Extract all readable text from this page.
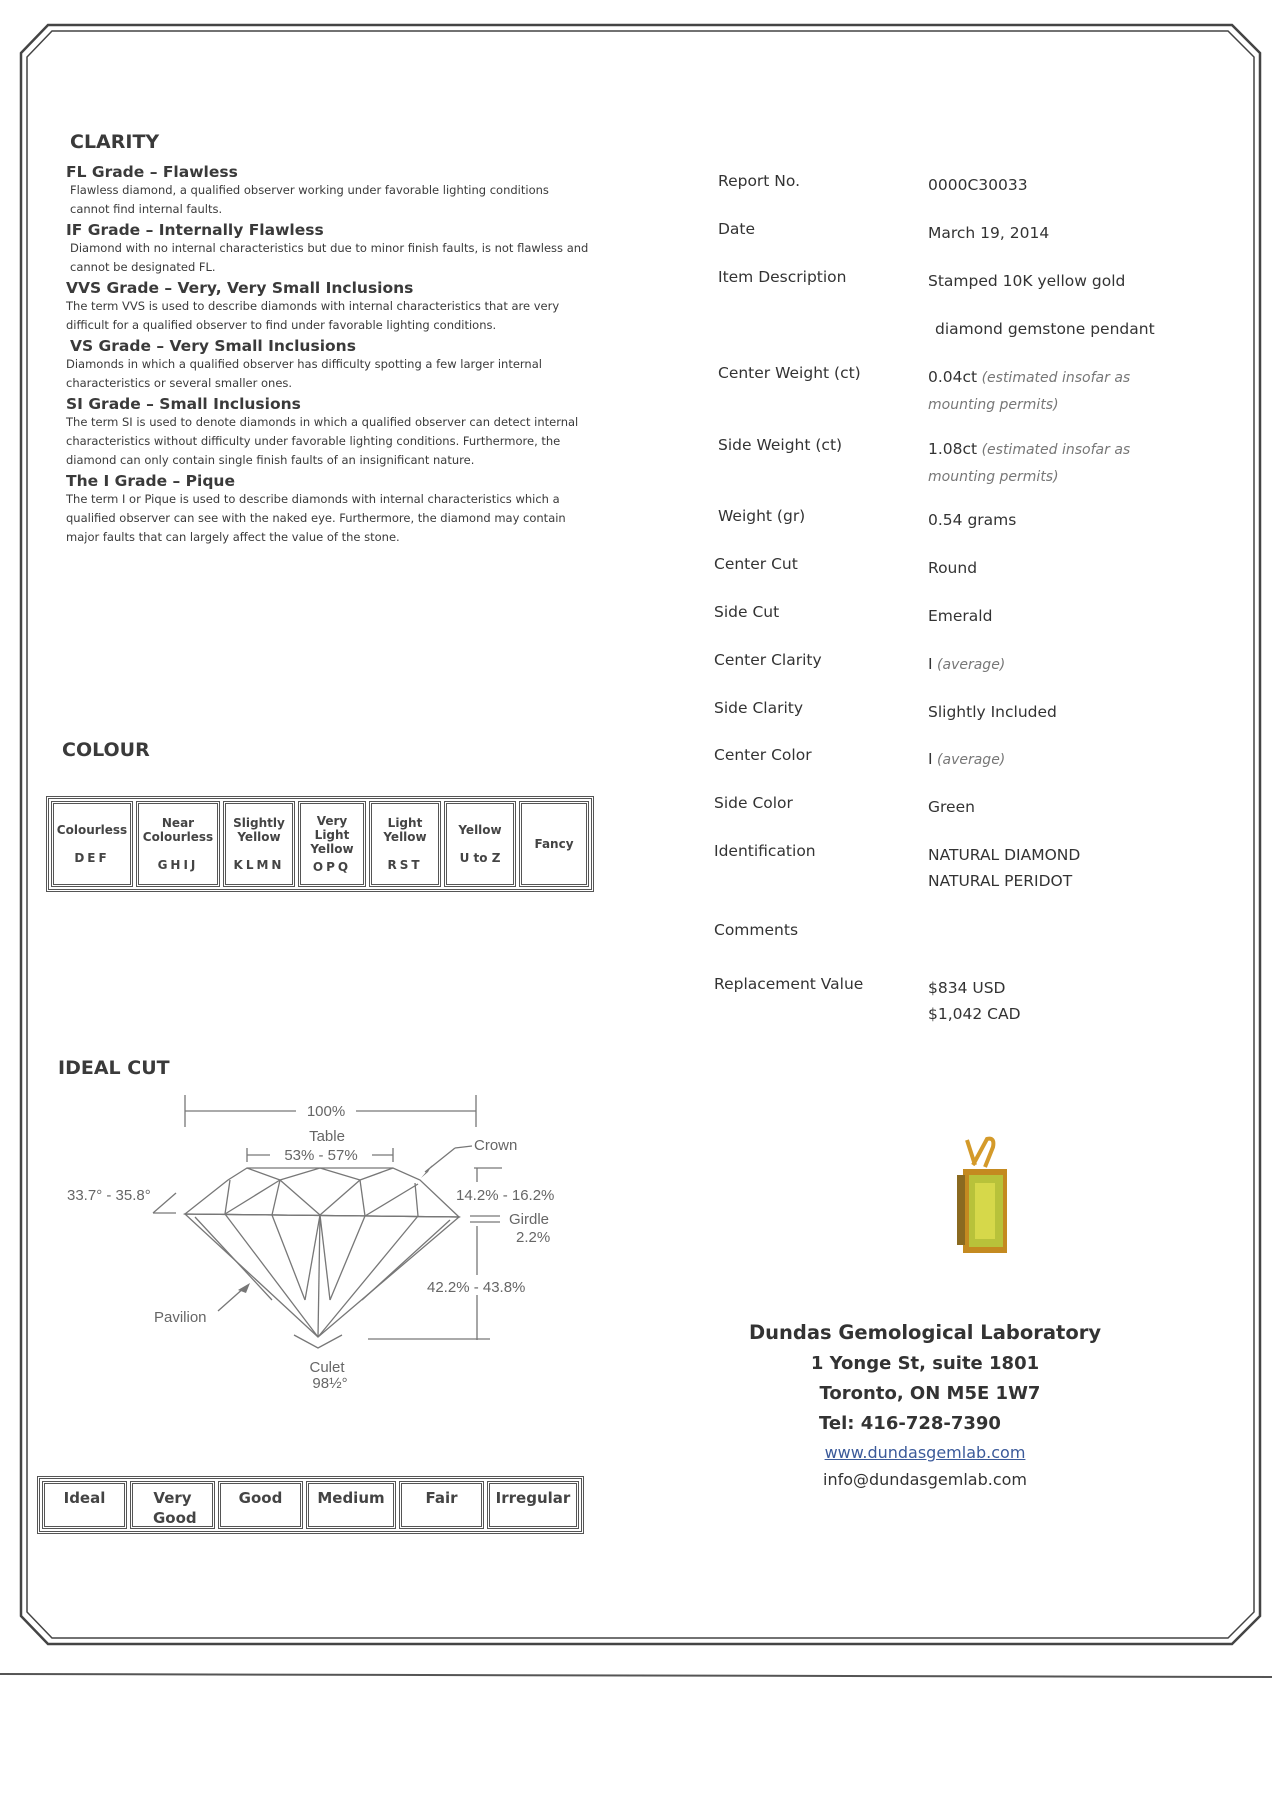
CLARITY
FL Grade – Flawless
Flawless diamond, a qualified observer working under favorable lighting conditions cannot find internal faults.
IF Grade – Internally Flawless
Diamond with no internal characteristics but due to minor finish faults, is not flawless and cannot be designated FL.
VVS Grade – Very, Very Small Inclusions
The term VVS is used to describe diamonds with internal characteristics that are very difficult for a qualified observer to find under favorable lighting conditions.
VS Grade – Very Small Inclusions
Diamonds in which a qualified observer has difficulty spotting a few larger internal characteristics or several smaller ones.
SI Grade – Small Inclusions
The term SI is used to denote diamonds in which a qualified observer can detect internal characteristics without difficulty under favorable lighting conditions. Furthermore, the diamond can only contain single finish faults of an insignificant nature.
The I Grade – Pique
The term I or Pique is used to describe diamonds with internal characteristics which a qualified observer can see with the naked eye. Furthermore, the diamond may contain major faults that can largely affect the value of the stone.
COLOUR
Colourless
DEF
Near Colourless
GHIJ
Slightly Yellow
KLMN
Very Light Yellow
OPQ
Light Yellow
RST
Yellow
U to Z
Fancy
IDEAL CUT
100%
Table
53% - 57%
Crown
33.7° - 35.8°	14.2% - 16.2%
Girdle
2.2%
42.2% - 43.8%
Pavilion
Culet
98½°
Ideal	Very Good
Good	Medium	Fair	Irregular
Report No.	0000C30033
Date	March 19, 2014
Item Description	Stamped 10K yellow gold
diamond gemstone pendant
Center Weight (ct)	0.04ct (estimated insofar as mounting permits)
Side Weight (ct)	1.08ct (estimated insofar as mounting permits)
Weight (gr)	0.54 grams
Center Cut	Round
Side Cut	Emerald
Center Clarity	I (average)
Side Clarity	Slightly Included
Center Color	I (average)
Side Color	Green
Identification	NATURAL DIAMOND
NATURAL PERIDOT
Comments
Replacement Value	$834 USD
$1,042 CAD
Dundas Gemological Laboratory
1 Yonge St, suite 1801
Toronto, ON M5E 1W7
Tel: 416-728-7390
www.dundasgemlab.com
info@dundasgemlab.com
